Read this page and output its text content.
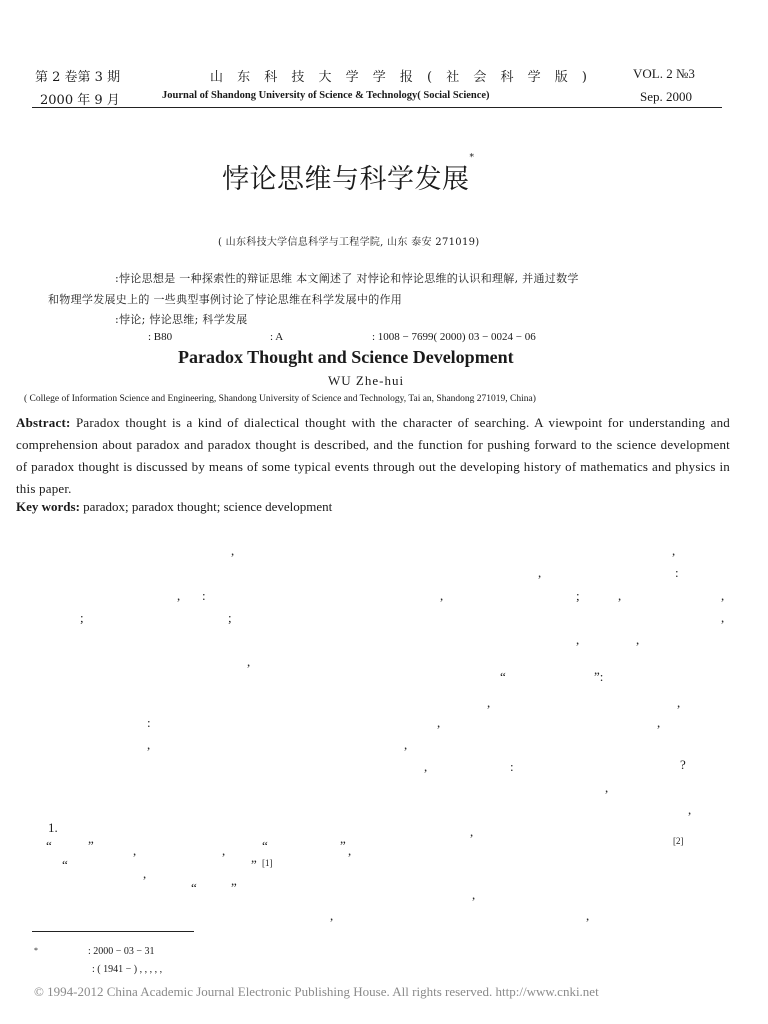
第 2 卷第 3 期	山 东 科 技 大 学 学 报 ( 社 会 科 学 版 )	VOL. 2 №3
2000 年 9 月	Journal of Shandong University of Science & Technology( Social Science)	Sep. 2000
悖论思维与科学发展*
( 山东科技大学信息科学与工程学院, 山东 泰安 271019)
:悖论思想是 一种探索性的辩证思维 本文阐述了 对悖论和悖论思维的认识和理解, 并通过数学
和物理学发展史上的 一些典型事例讨论了悖论思维在科学发展中的作用
:悖论; 悖论思维; 科学发展
: B80	: A	: 1008 − 7699( 2000) 03 − 0024 − 06
Paradox Thought and Science Development
WU Zhe-hui
( College of Information Science and Engineering, Shandong University of Science and Technology, Tai an, Shandong 271019, China)
Abstract: Paradox thought is a kind of dialectical thought with the character of searching. A viewpoint for understanding and comprehension about paradox and paradox thought is described, and the function for pushing forward to the science development of paradox thought is discussed by means of some typical events through out the developing history of mathematics and physics in this paper.
Key words: paradox; paradox thought; science development
,	,
,	:
, :	,	;	,	,
;	;	,
,	,
,
“	”:
,	,
:	,	,
,	,
,	:	?
,
,
1.	,
“	”	,	,	“	” ,
[2]
“	” [1]
,
“	”	,
,	,
*	: 2000 − 03 − 31
: ( 1941 − ) , , , , ,
© 1994-2012 China Academic Journal Electronic Publishing House. All rights reserved. http://www.cnki.net
